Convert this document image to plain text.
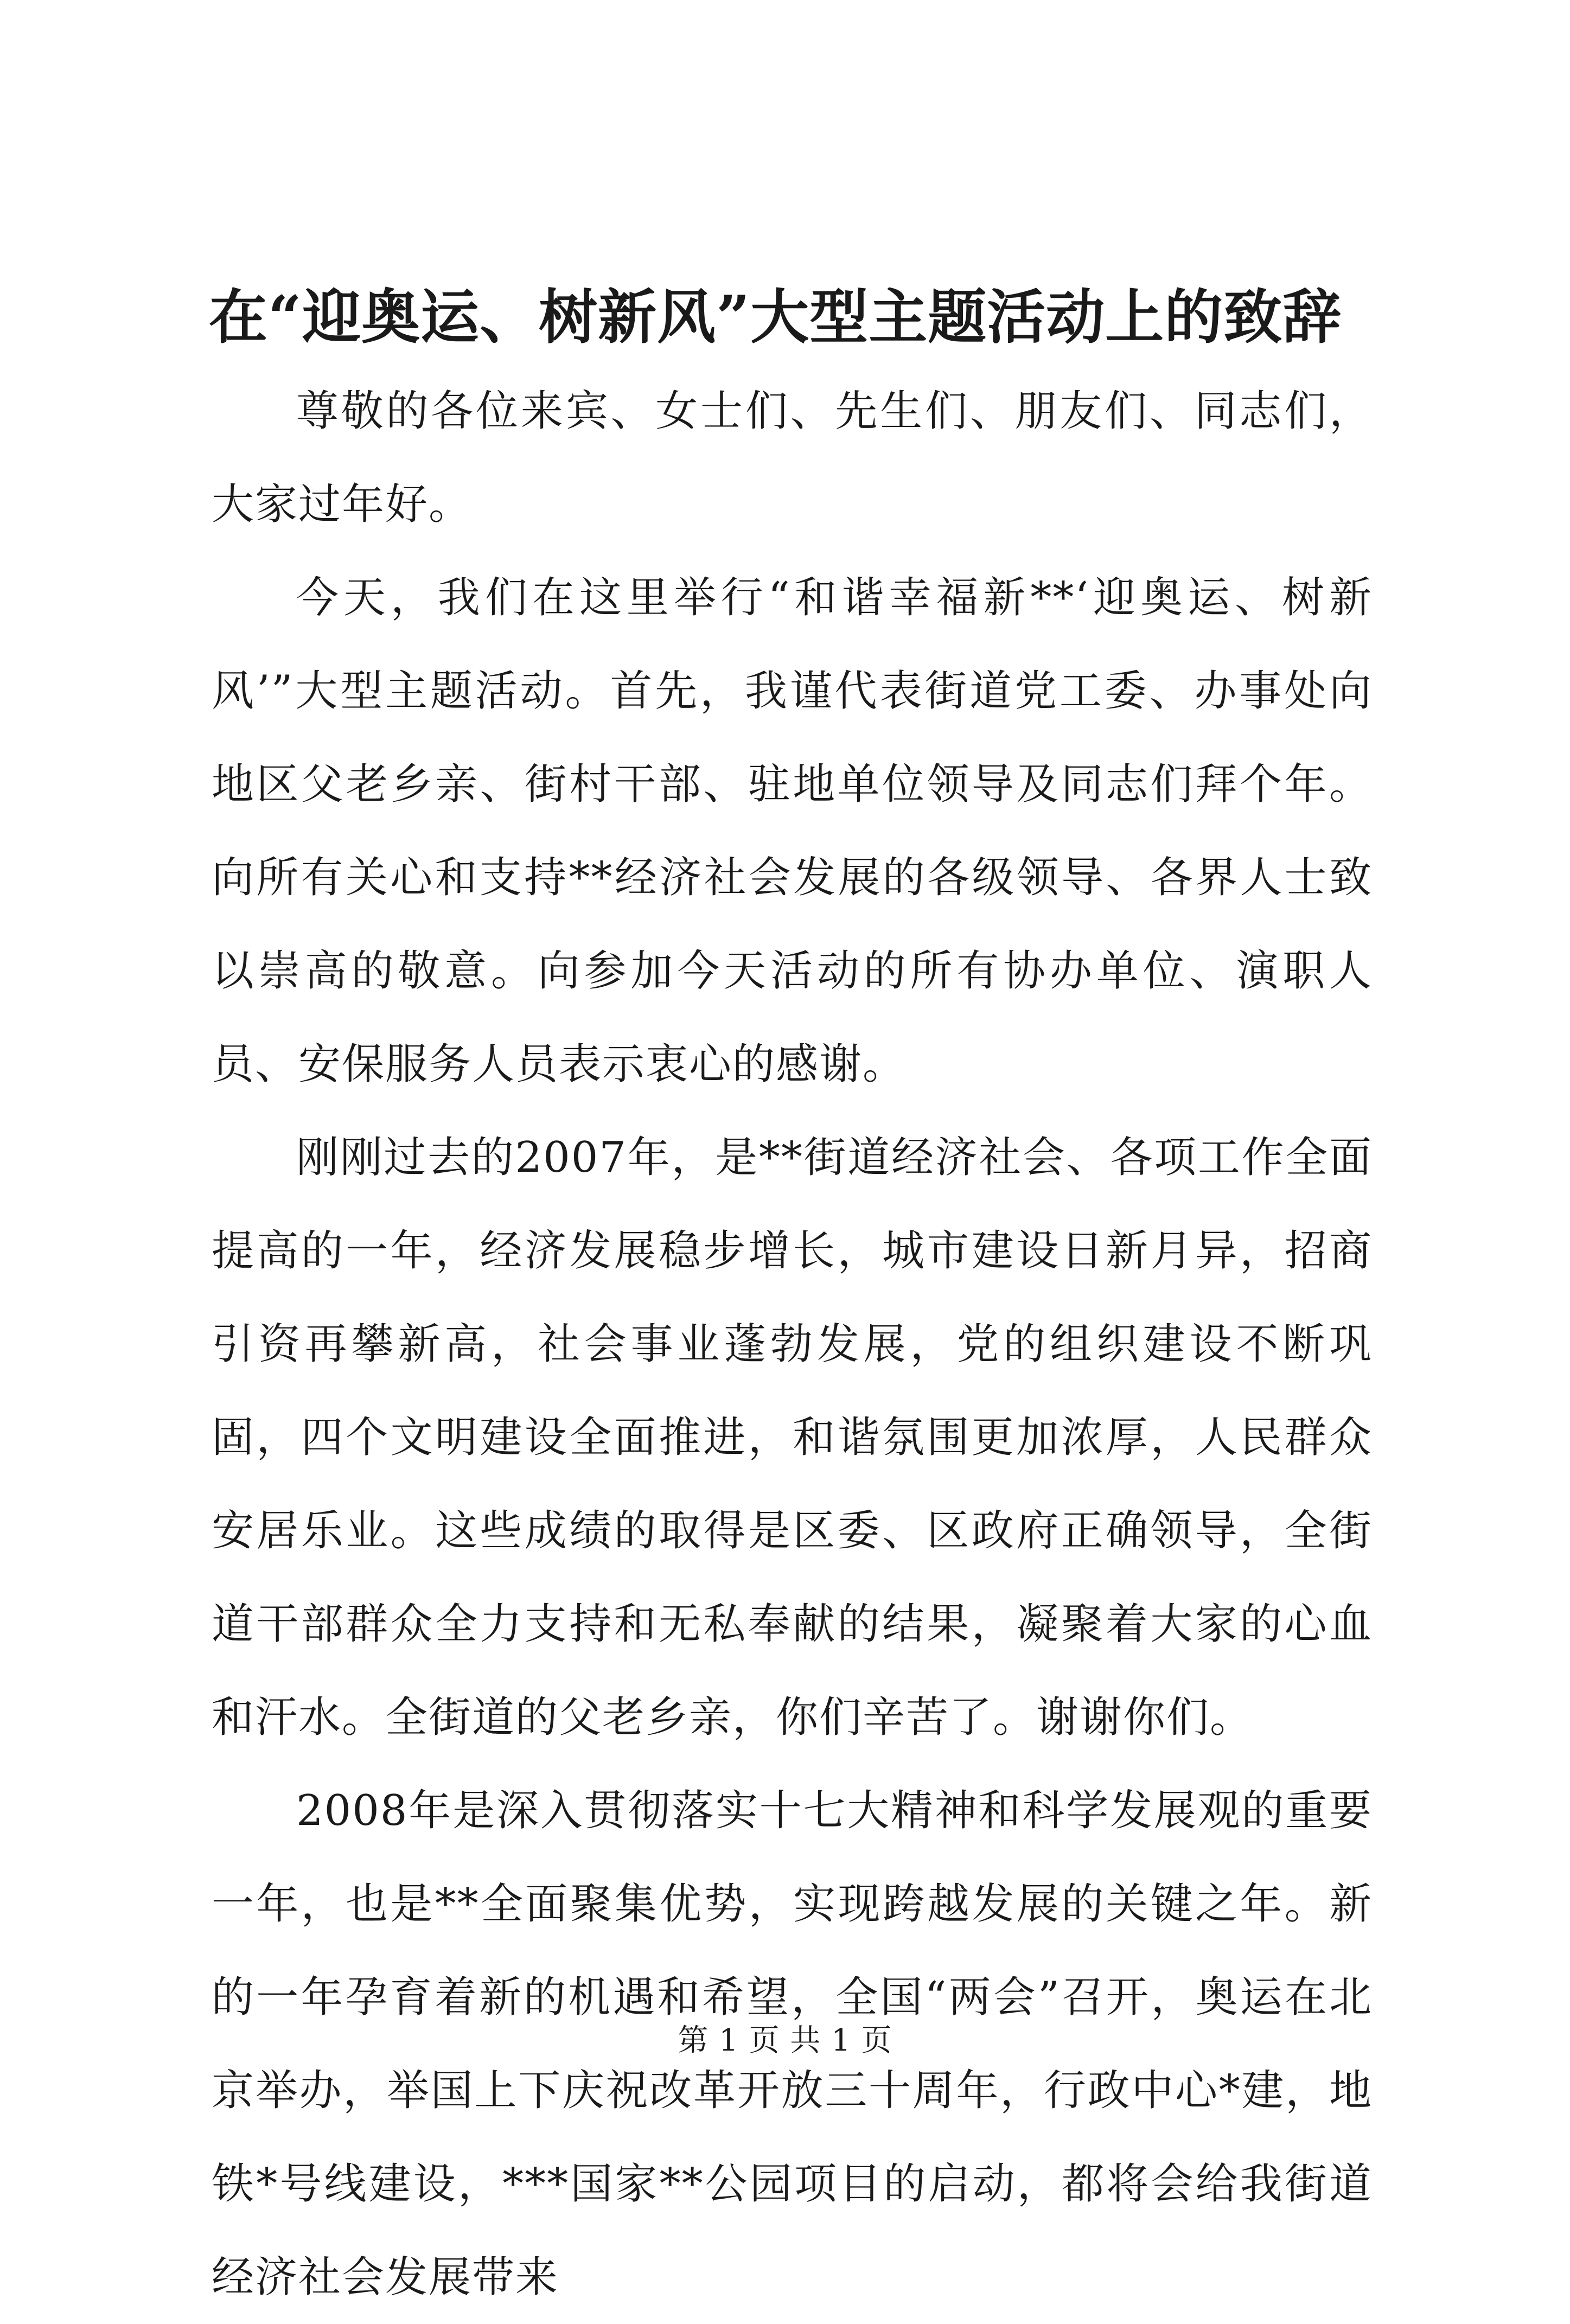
在“迎奥运、树新风”大型主题活动上的致辞

尊敬的各位来宾、女士们、先生们、朋友们、同志们，大家过年好。

今天，我们在这里举行“和谐幸福新**‘迎奥运、树新风’”大型主题活动。首先，我谨代表街道党工委、办事处向地区父老乡亲、街村干部、驻地单位领导及同志们拜个年。向所有关心和支持**经济社会发展的各级领导、各界人士致以崇高的敬意。向参加今天活动的所有协办单位、演职人员、安保服务人员表示衷心的感谢。

刚刚过去的2007年，是**街道经济社会、各项工作全面提高的一年，经济发展稳步增长，城市建设日新月异，招商引资再攀新高，社会事业蓬勃发展，党的组织建设不断巩固，四个文明建设全面推进，和谐氛围更加浓厚，人民群众安居乐业。这些成绩的取得是区委、区政府正确领导，全街道干部群众全力支持和无私奉献的结果，凝聚着大家的心血和汗水。全街道的父老乡亲，你们辛苦了。谢谢你们。

2008年是深入贯彻落实十七大精神和科学发展观的重要一年，也是**全面聚集优势，实现跨越发展的关键之年。新的一年孕育着新的机遇和希望，全国“两会”召开，奥运在北京举办，举国上下庆祝改革开放三十周年，行政中心*建，地铁*号线建设，***国家**公园项目的启动，都将会给我街道经济社会发展带来

第 1 页 共 1 页
